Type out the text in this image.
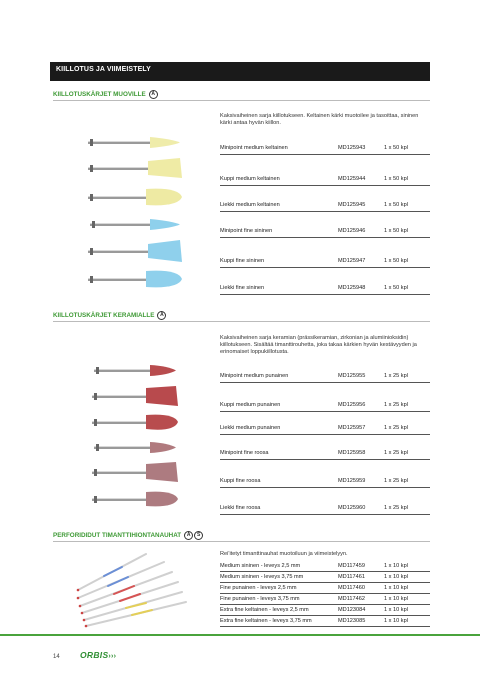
KIILLOTUS JA VIIMEISTELY
KIILLOTUSKÄRJET MUOVILLE A
Kaksivaiheinen sarja kiillotukseen. Keltainen kärki muotoilee ja tasoittaa, sininen kärki antaa hyvän kiillon.
Minipoint medium keltainen	MD125943	1 x 50 kpl
Kuppi medium keltainen	MD125944	1 x 50 kpl
Liekki medium keltainen	MD125945	1 x 50 kpl
Minipoint fine sininen	MD125946	1 x 50 kpl
Kuppi fine sininen	MD125947	1 x 50 kpl
Liekki fine sininen	MD125948	1 x 50 kpl
KIILLOTUSKÄRJET KERAMIALLE A
Kaksivaiheinen sarja keramian (prässikeramian, zirkonian ja alumiinioksidin) kiillotukseen. Sisältää timanttirouhetta, joka takaa kärkien hyvän kestävyyden ja erinomaiset loppukiillotusta.
Minipoint medium punainen	MD125955	1 x 25 kpl
Kuppi medium punainen	MD125956	1 x 25 kpl
Liekki medium punainen	MD125957	1 x 25 kpl
Minipoint fine roosa	MD125958	1 x 25 kpl
Kuppi fine roosa	MD125959	1 x 25 kpl
Liekki fine roosa	MD125960	1 x 25 kpl
PERFORIDIDUT TIMANTTIHIONTANAUHAT A S
Rei'itetyt timanttinauhat muotoiluun ja viimeistelyyn.
Medium sininen - leveys 2,5 mm	MD117459	1 x 10 kpl
Medium sininen - leveys 3,75 mm	MD117461	1 x 10 kpl
Fine punainen - leveys 2,5 mm	MD117460	1 x 10 kpl
Fine punainen - leveys 3,75 mm	MD117462	1 x 10 kpl
Extra fine keltainen - leveys 2,5 mm	MD123084	1 x 10 kpl
Extra fine keltainen - leveys 3,75 mm	MD123085	1 x 10 kpl
14 ORBIS›››
